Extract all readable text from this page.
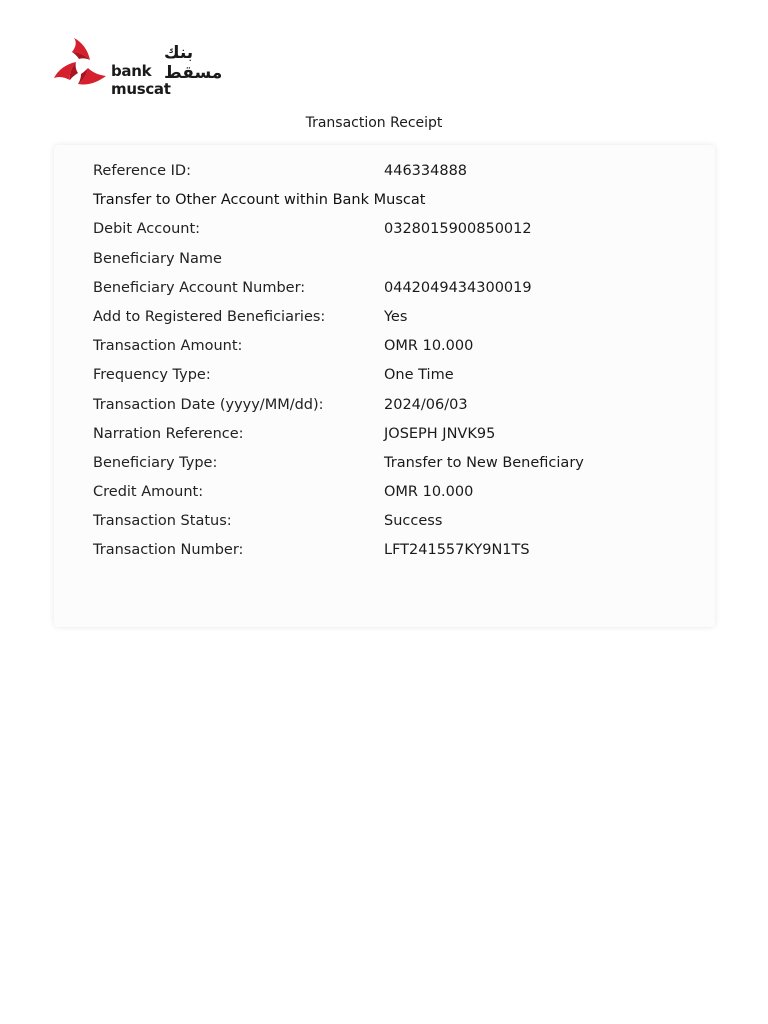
بنك مسقط
bank muscat
Transaction Receipt
Reference ID:	446334888
Transfer to Other Account within Bank Muscat
Debit Account:	0328015900850012
Beneficiary Name
Beneficiary Account Number:	0442049434300019
Add to Registered Beneficiaries:	Yes
Transaction Amount:	OMR 10.000
Frequency Type:	One Time
Transaction Date (yyyy/MM/dd):	2024/06/03
Narration Reference:	JOSEPH JNVK95
Beneficiary Type:	Transfer to New Beneficiary
Credit Amount:	OMR 10.000
Transaction Status:	Success
Transaction Number:	LFT241557KY9N1TS
